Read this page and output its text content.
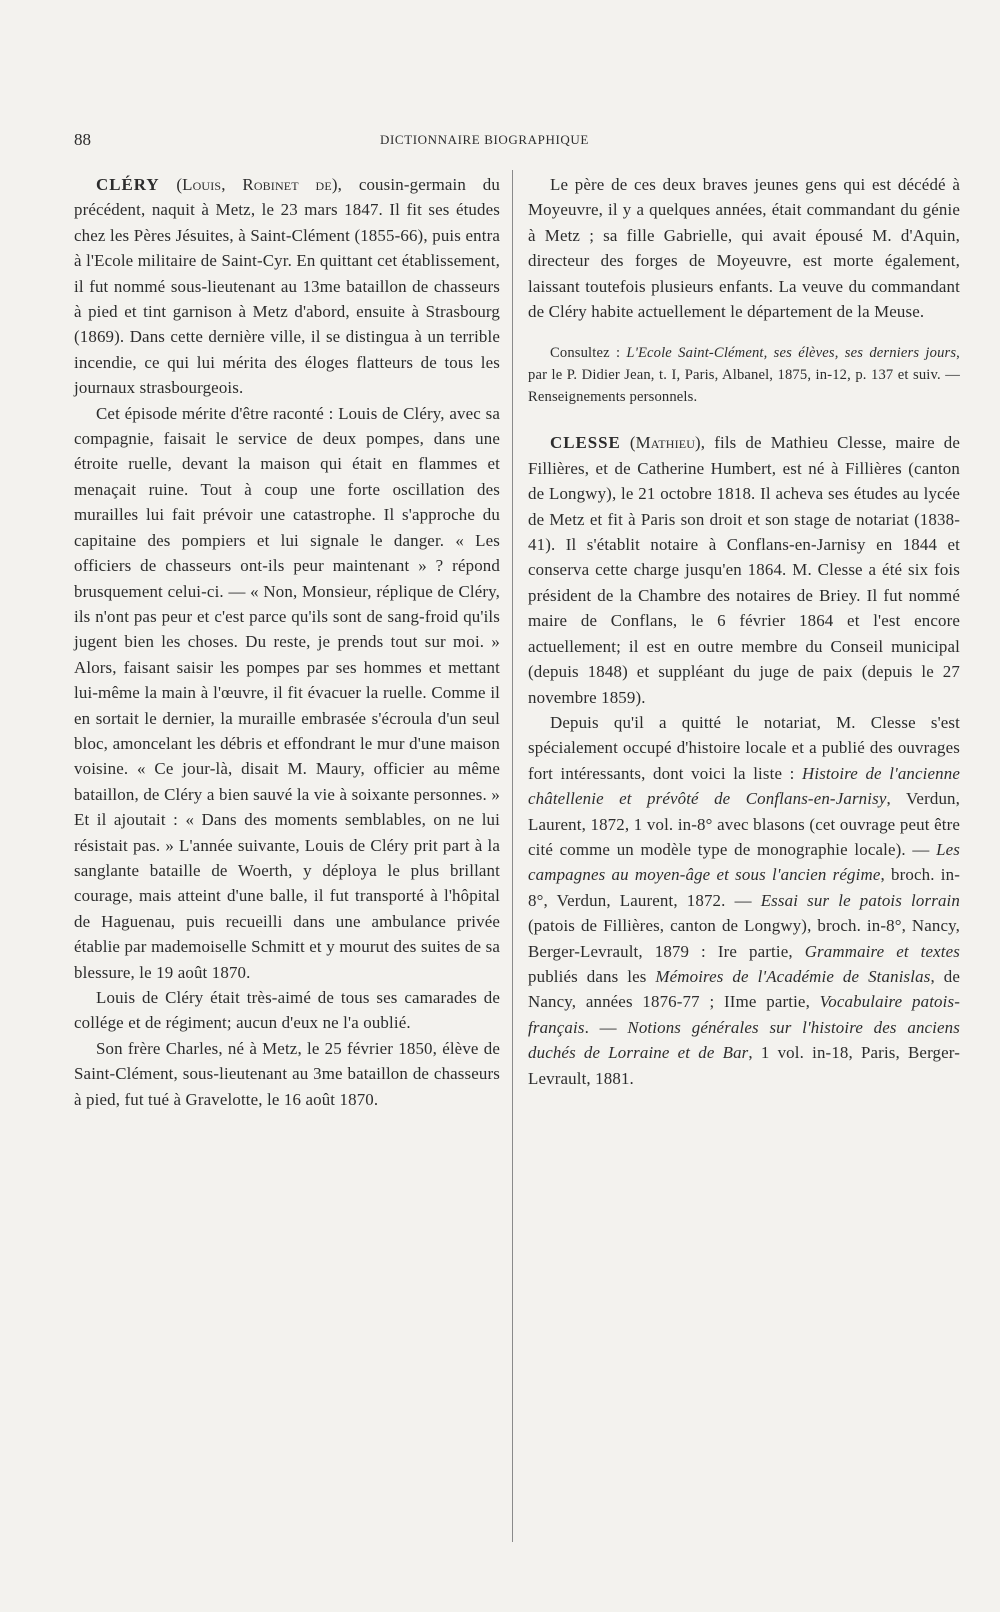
88	DICTIONNAIRE BIOGRAPHIQUE

CLÉRY (Louis, Robinet de), cousin-germain du précédent, naquit à Metz, le 23 mars 1847. Il fit ses études chez les Pères Jésuites, à Saint-Clément (1855-66), puis entra à l'Ecole militaire de Saint-Cyr. En quittant cet établissement, il fut nommé sous-lieutenant au 13me bataillon de chasseurs à pied et tint garnison à Metz d'abord, ensuite à Strasbourg (1869). Dans cette dernière ville, il se distingua à un terrible incendie, ce qui lui mérita des éloges flatteurs de tous les journaux strasbourgeois.

Cet épisode mérite d'être raconté : Louis de Cléry, avec sa compagnie, faisait le service de deux pompes, dans une étroite ruelle, devant la maison qui était en flammes et menaçait ruine. Tout à coup une forte oscillation des murailles lui fait prévoir une catastrophe. Il s'approche du capitaine des pompiers et lui signale le danger. « Les officiers de chasseurs ont-ils peur maintenant » ? répond brusquement celui-ci. — « Non, Monsieur, réplique de Cléry, ils n'ont pas peur et c'est parce qu'ils sont de sang-froid qu'ils jugent bien les choses. Du reste, je prends tout sur moi. » Alors, faisant saisir les pompes par ses hommes et mettant lui-même la main à l'œuvre, il fit évacuer la ruelle. Comme il en sortait le dernier, la muraille embrasée s'écroula d'un seul bloc, amoncelant les débris et effondrant le mur d'une maison voisine. « Ce jour-là, disait M. Maury, officier au même bataillon, de Cléry a bien sauvé la vie à soixante personnes. » Et il ajoutait : « Dans des moments semblables, on ne lui résistait pas. » L'année suivante, Louis de Cléry prit part à la sanglante bataille de Woerth, y déploya le plus brillant courage, mais atteint d'une balle, il fut transporté à l'hôpital de Haguenau, puis recueilli dans une ambulance privée établie par mademoiselle Schmitt et y mourut des suites de sa blessure, le 19 août 1870.

Louis de Cléry était très-aimé de tous ses camarades de collége et de régiment; aucun d'eux ne l'a oublié.

Son frère Charles, né à Metz, le 25 février 1850, élève de Saint-Clément, sous-lieutenant au 3me bataillon de chasseurs à pied, fut tué à Gravelotte, le 16 août 1870.

Le père de ces deux braves jeunes gens qui est décédé à Moyeuvre, il y a quelques années, était commandant du génie à Metz ; sa fille Gabrielle, qui avait épousé M. d'Aquin, directeur des forges de Moyeuvre, est morte également, laissant toutefois plusieurs enfants. La veuve du commandant de Cléry habite actuellement le département de la Meuse.

Consultez : L'Ecole Saint-Clément, ses élèves, ses derniers jours, par le P. Didier Jean, t. I, Paris, Albanel, 1875, in-12, p. 137 et suiv. — Renseignements personnels.

CLESSE (Mathieu), fils de Mathieu Clesse, maire de Fillières, et de Catherine Humbert, est né à Fillières (canton de Longwy), le 21 octobre 1818. Il acheva ses études au lycée de Metz et fit à Paris son droit et son stage de notariat (1838-41). Il s'établit notaire à Conflans-en-Jarnisy en 1844 et conserva cette charge jusqu'en 1864. M. Clesse a été six fois président de la Chambre des notaires de Briey. Il fut nommé maire de Conflans, le 6 février 1864 et l'est encore actuellement; il est en outre membre du Conseil municipal (depuis 1848) et suppléant du juge de paix (depuis le 27 novembre 1859).

Depuis qu'il a quitté le notariat, M. Clesse s'est spécialement occupé d'histoire locale et a publié des ouvrages fort intéressants, dont voici la liste : Histoire de l'ancienne châtellenie et prévôté de Conflans-en-Jarnisy, Verdun, Laurent, 1872, 1 vol. in-8° avec blasons (cet ouvrage peut être cité comme un modèle type de monographie locale). — Les campagnes au moyen-âge et sous l'ancien régime, broch. in-8°, Verdun, Laurent, 1872. — Essai sur le patois lorrain (patois de Fillières, canton de Longwy), broch. in-8°, Nancy, Berger-Levrault, 1879 : Ire partie, Grammaire et textes publiés dans les Mémoires de l'Académie de Stanislas, de Nancy, années 1876-77 ; IIme partie, Vocabulaire patois-français. — Notions générales sur l'histoire des anciens duchés de Lorraine et de Bar, 1 vol. in-18, Paris, Berger-Levrault, 1881.
